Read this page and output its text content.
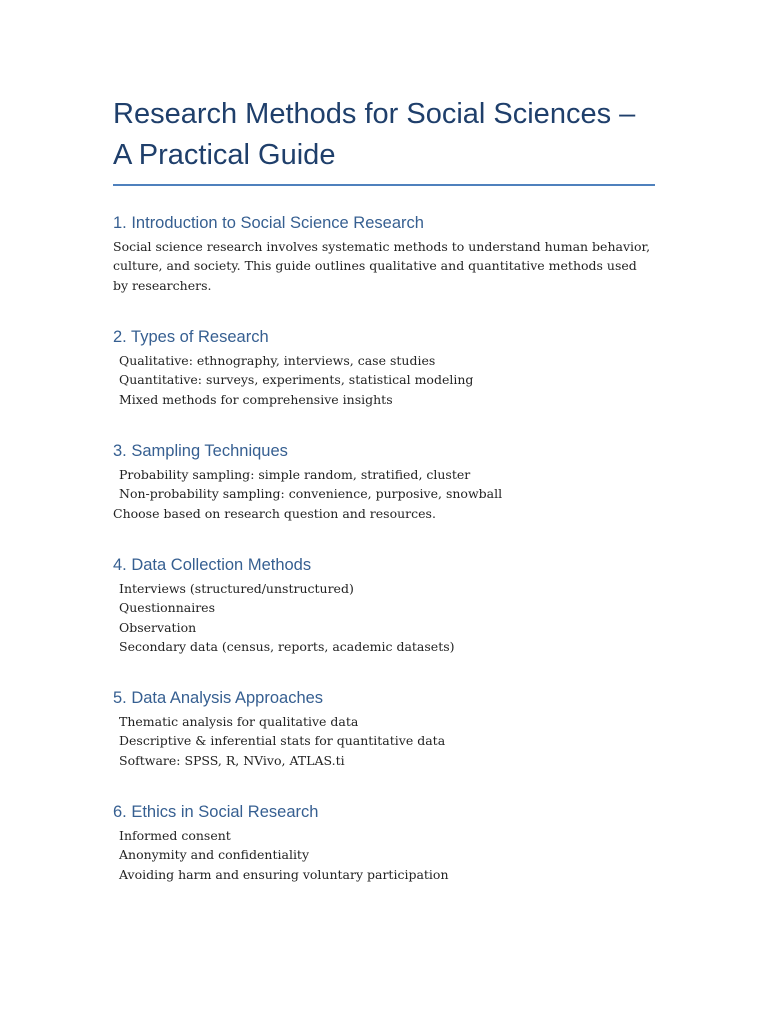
Research Methods for Social Sciences – A Practical Guide
1. Introduction to Social Science Research

Social science research involves systematic methods to understand human behavior, culture, and society. This guide outlines qualitative and quantitative methods used by researchers.

2. Types of Research
Qualitative: ethnography, interviews, case studies
Quantitative: surveys, experiments, statistical modeling
Mixed methods for comprehensive insights
3. Sampling Techniques
Probability sampling: simple random, stratified, cluster
Non-probability sampling: convenience, purposive, snowball
Choose based on research question and resources.
4. Data Collection Methods
Interviews (structured/unstructured)
Questionnaires
Observation
Secondary data (census, reports, academic datasets)
5. Data Analysis Approaches
Thematic analysis for qualitative data
Descriptive & inferential stats for quantitative data
Software: SPSS, R, NVivo, ATLAS.ti
6. Ethics in Social Research
Informed consent
Anonymity and confidentiality
Avoiding harm and ensuring voluntary participation
